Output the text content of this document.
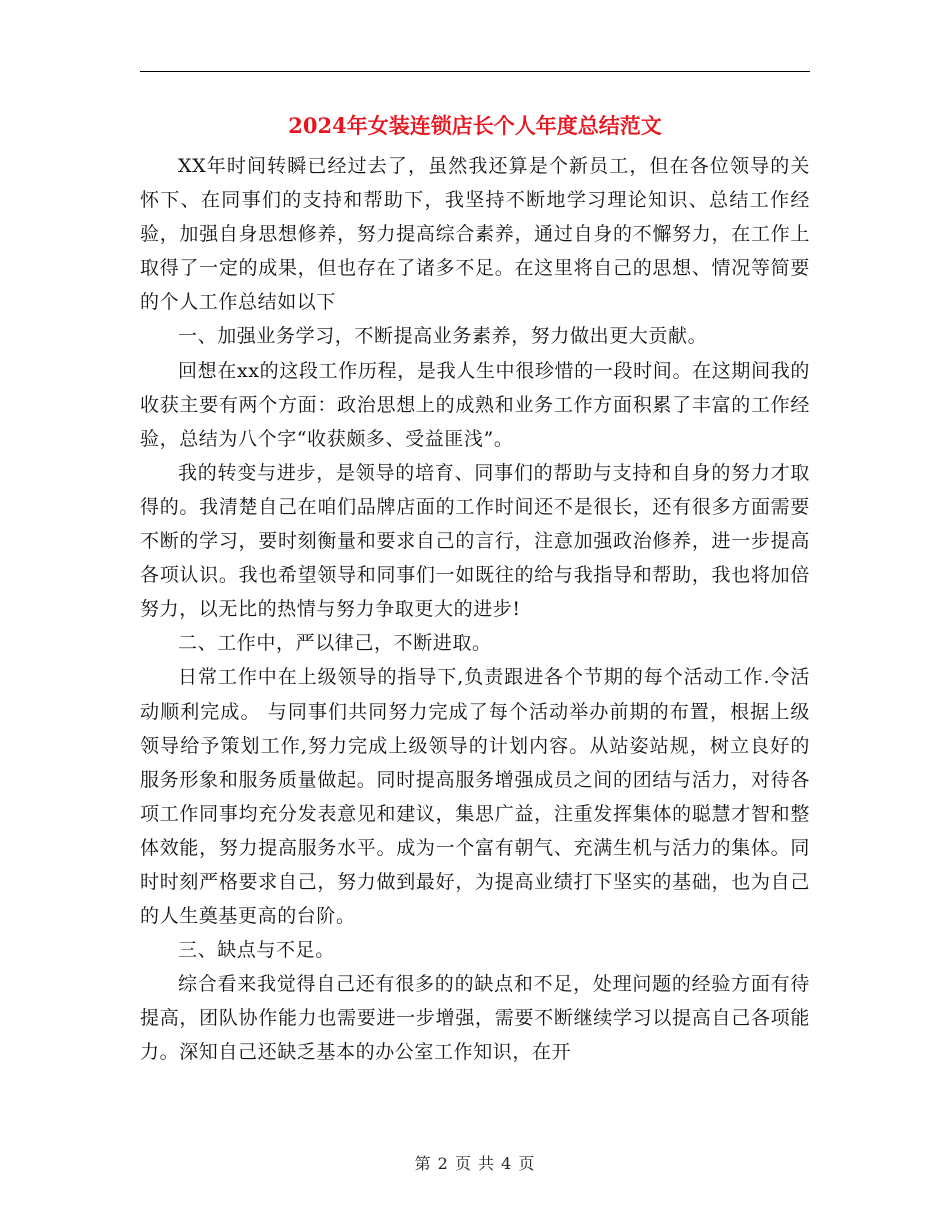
2024年女装连锁店长个人年度总结范文

XX年时间转瞬已经过去了，虽然我还算是个新员工，但在各位领导的关怀下、在同事们的支持和帮助下，我坚持不断地学习理论知识、总结工作经验，加强自身思想修养，努力提高综合素养，通过自身的不懈努力，在工作上取得了一定的成果，但也存在了诸多不足。在这里将自己的思想、情况等简要的个人工作总结如以下

一、加强业务学习，不断提高业务素养，努力做出更大贡献。

回想在xx的这段工作历程，是我人生中很珍惜的一段时间。在这期间我的收获主要有两个方面：政治思想上的成熟和业务工作方面积累了丰富的工作经验，总结为八个字“收获颇多、受益匪浅”。

我的转变与进步，是领导的培育、同事们的帮助与支持和自身的努力才取得的。我清楚自己在咱们品牌店面的工作时间还不是很长，还有很多方面需要不断的学习，要时刻衡量和要求自己的言行，注意加强政治修养，进一步提高各项认识。我也希望领导和同事们一如既往的给与我指导和帮助，我也将加倍努力，以无比的热情与努力争取更大的进步!

二、工作中，严以律己，不断进取。

日常工作中在上级领导的指导下,负责跟进各个节期的每个活动工作.令活动顺利完成。 与同事们共同努力完成了每个活动举办前期的布置，根据上级领导给予策划工作,努力完成上级领导的计划内容。从站姿站规，树立良好的服务形象和服务质量做起。同时提高服务增强成员之间的团结与活力，对待各项工作同事均充分发表意见和建议，集思广益，注重发挥集体的聪慧才智和整体效能，努力提高服务水平。成为一个富有朝气、充满生机与活力的集体。同时时刻严格要求自己，努力做到最好，为提高业绩打下坚实的基础，也为自己的人生奠基更高的台阶。

三、缺点与不足。

综合看来我觉得自己还有很多的的缺点和不足，处理问题的经验方面有待提高，团队协作能力也需要进一步增强，需要不断继续学习以提高自己各项能力。深知自己还缺乏基本的办公室工作知识，在开

第 2 页 共 4 页
